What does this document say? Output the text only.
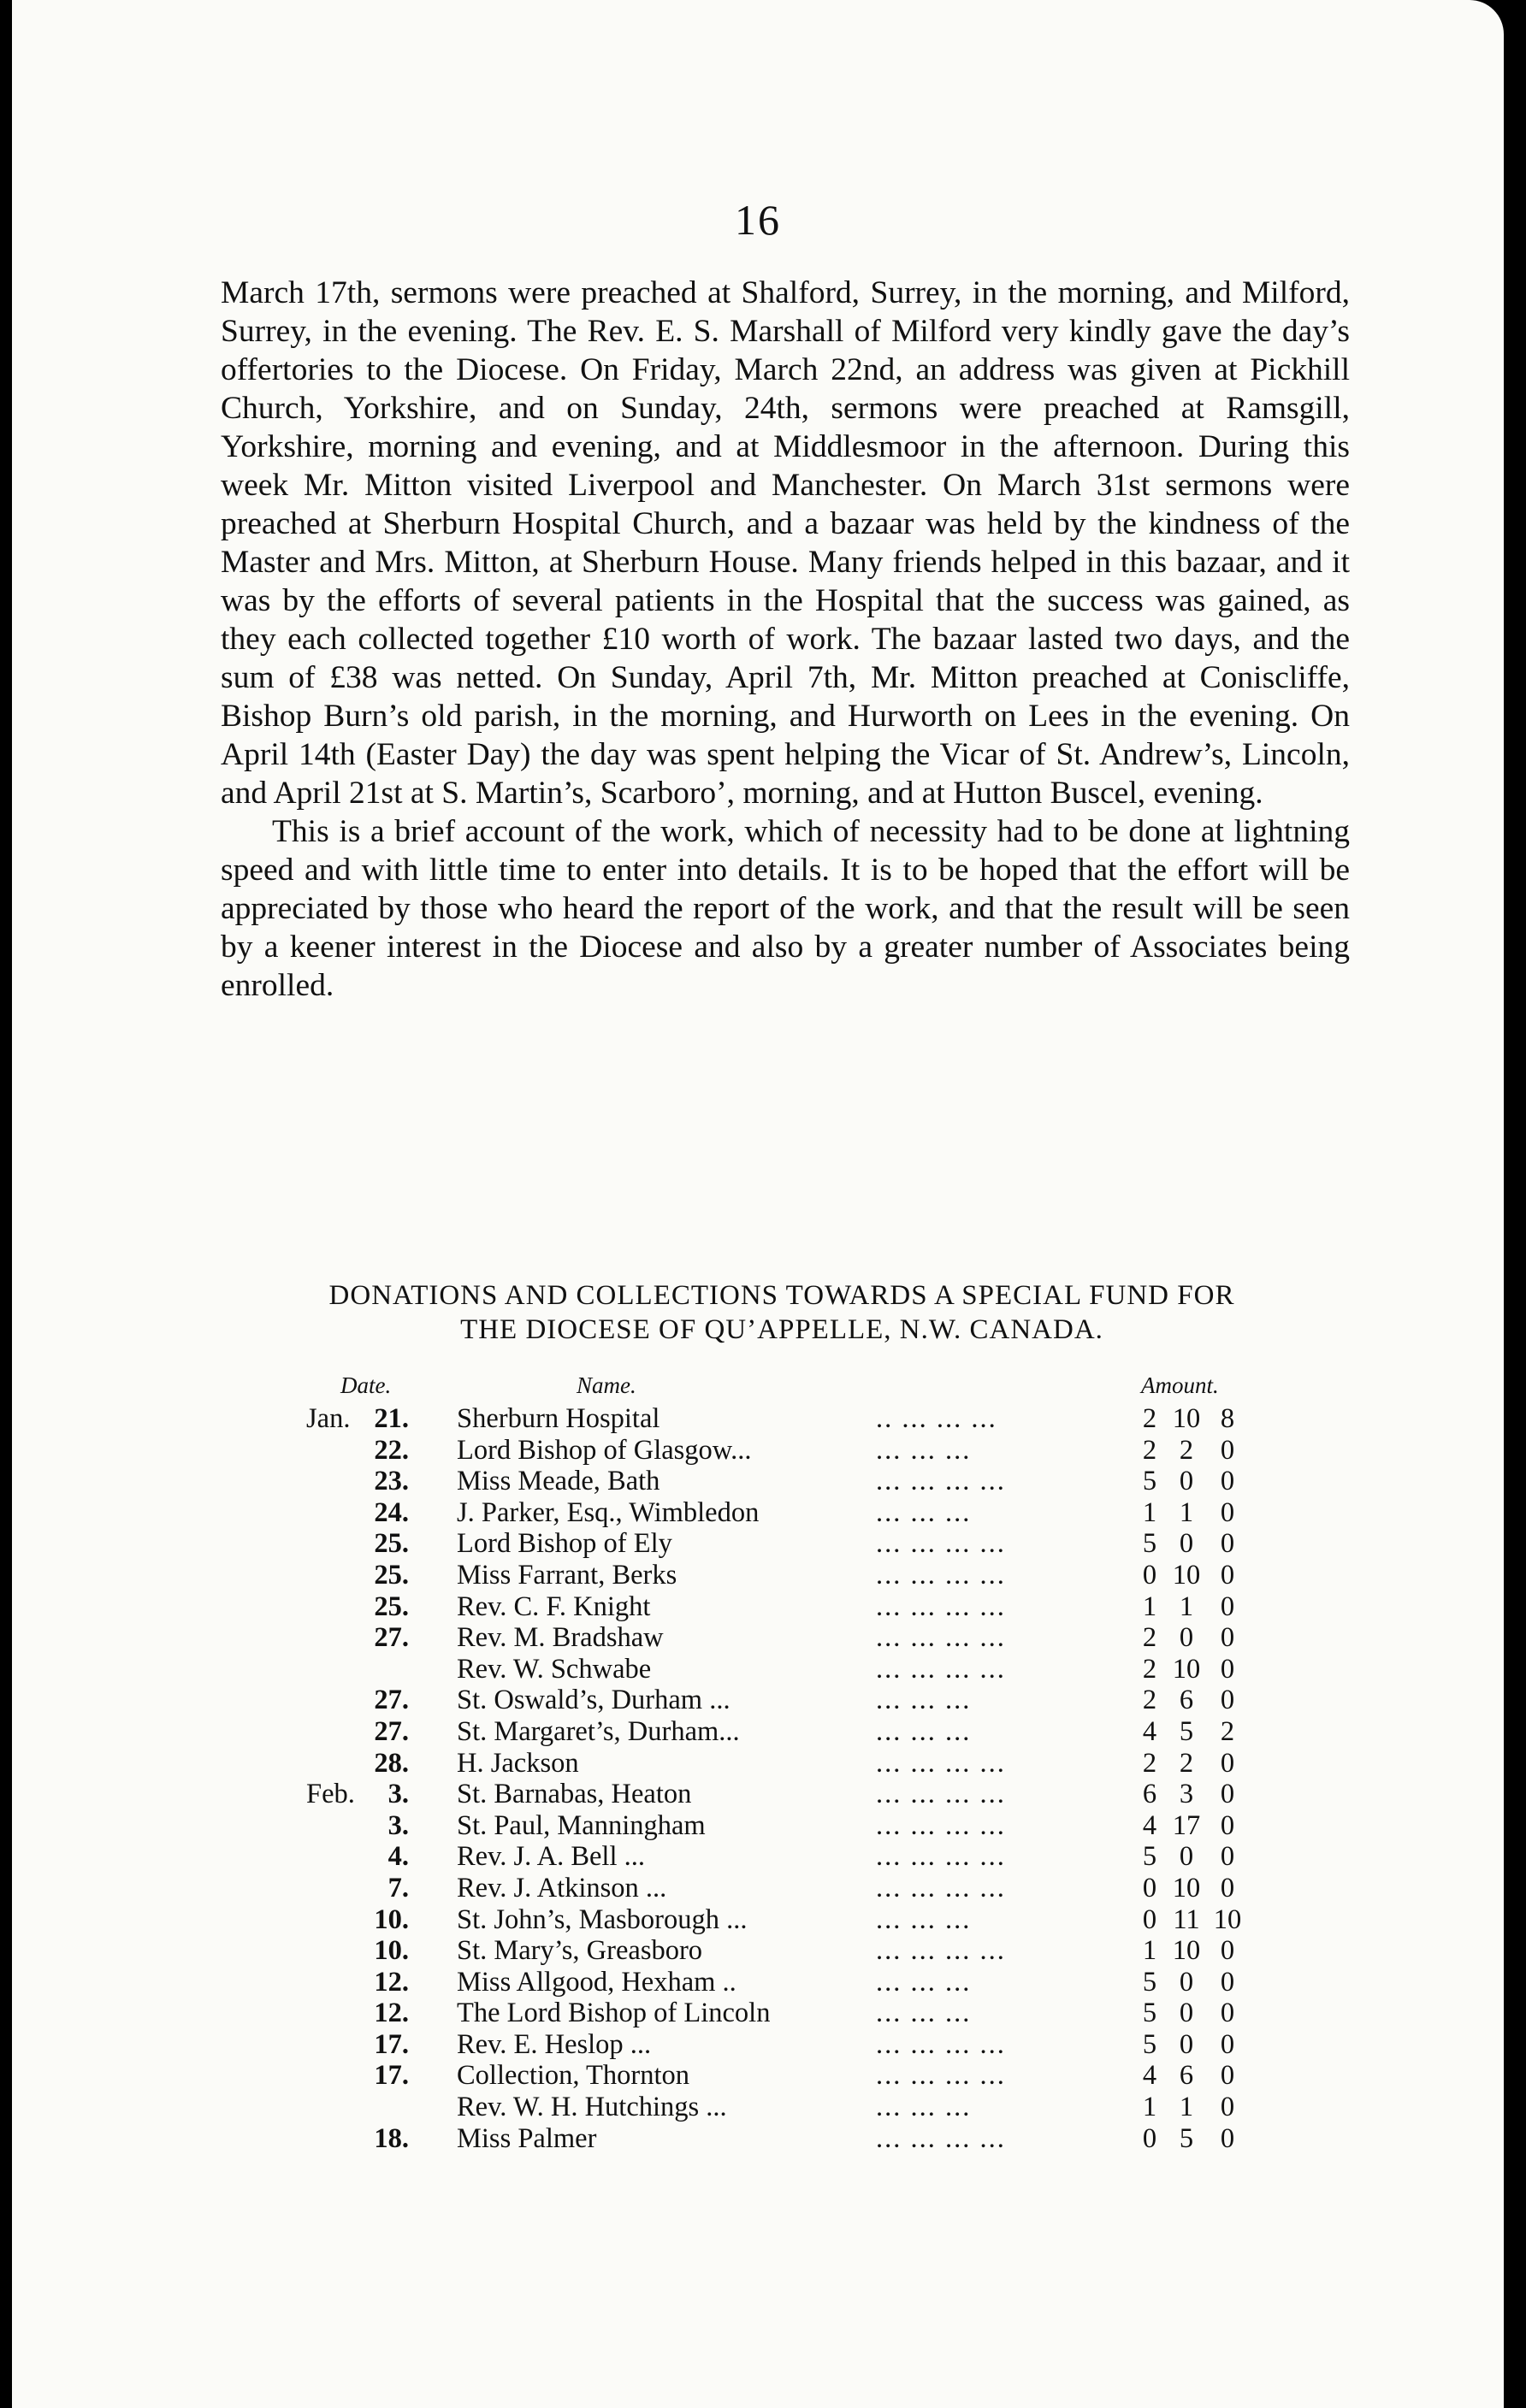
16

March 17th, sermons were preached at Shalford, Surrey, in the morning, and Milford, Surrey, in the evening. The Rev. E. S. Marshall of Milford very kindly gave the day’s offertories to the Diocese. On Friday, March 22nd, an address was given at Pickhill Church, Yorkshire, and on Sunday, 24th, sermons were preached at Ramsgill, Yorkshire, morning and evening, and at Middlesmoor in the afternoon. During this week Mr. Mitton visited Liverpool and Manchester. On March 31st sermons were preached at Sherburn Hospital Church, and a bazaar was held by the kindness of the Master and Mrs. Mitton, at Sherburn House. Many friends helped in this bazaar, and it was by the efforts of several patients in the Hospital that the success was gained, as they each collected together £10 worth of work. The bazaar lasted two days, and the sum of £38 was netted. On Sunday, April 7th, Mr. Mitton preached at Coniscliffe, Bishop Burn’s old parish, in the morning, and Hurworth on Lees in the evening. On April 14th (Easter Day) the day was spent helping the Vicar of St. Andrew’s, Lincoln, and April 21st at S. Martin’s, Scarboro’, morning, and at Hutton Buscel, evening.

This is a brief account of the work, which of necessity had to be done at lightning speed and with little time to enter into details. It is to be hoped that the effort will be appreciated by those who heard the report of the work, and that the result will be seen by a keener interest in the Diocese and also by a greater number of Associates being enrolled.

DONATIONS AND COLLECTIONS TOWARDS A SPECIAL FUND FOR
THE DIOCESE OF QU’APPELLE, N.W. CANADA.
Date.	Name.	Amount.
Jan. 21. Sherburn Hospital	.. ... ... ...	2 10 8
22. Lord Bishop of Glasgow...	... ... ...	2 2 0
23. Miss Meade, Bath	... ... ... ...	5 0 0
24. J. Parker, Esq., Wimbledon	... ... ...	1 1 0
25. Lord Bishop of Ely	... ... ... ...	5 0 0
25. Miss Farrant, Berks	... ... ... ...	0 10 0
25. Rev. C. F. Knight	... ... ... ...	1 1 0
27. Rev. M. Bradshaw	... ... ... ...	2 0 0
Rev. W. Schwabe	... ... ... ...	2 10 0
27. St. Oswald’s, Durham ...	... ... ...	2 6 0
27. St. Margaret’s, Durham...	... ... ...	4 5 2
28. H. Jackson	... ... ... ...	2 2 0
Feb. 3. St. Barnabas, Heaton	... ... ... ...	6 3 0
3. St. Paul, Manningham	... ... ... ...	4 17 0
4. Rev. J. A. Bell ...	... ... ... ...	5 0 0
7. Rev. J. Atkinson ...	... ... ... ...	0 10 0
10. St. John’s, Masborough ...	... ... ...	0 11 10
10. St. Mary’s, Greasboro	... ... ... ...	1 10 0
12. Miss Allgood, Hexham ..	... ... ...	5 0 0
12. The Lord Bishop of Lincoln	... ... ...	5 0 0
17. Rev. E. Heslop ...	... ... ... ...	5 0 0
17. Collection, Thornton	... ... ... ...	4 6 0
Rev. W. H. Hutchings ...	... ... ...	1 1 0
18. Miss Palmer	... ... ... ...	0 5 0
